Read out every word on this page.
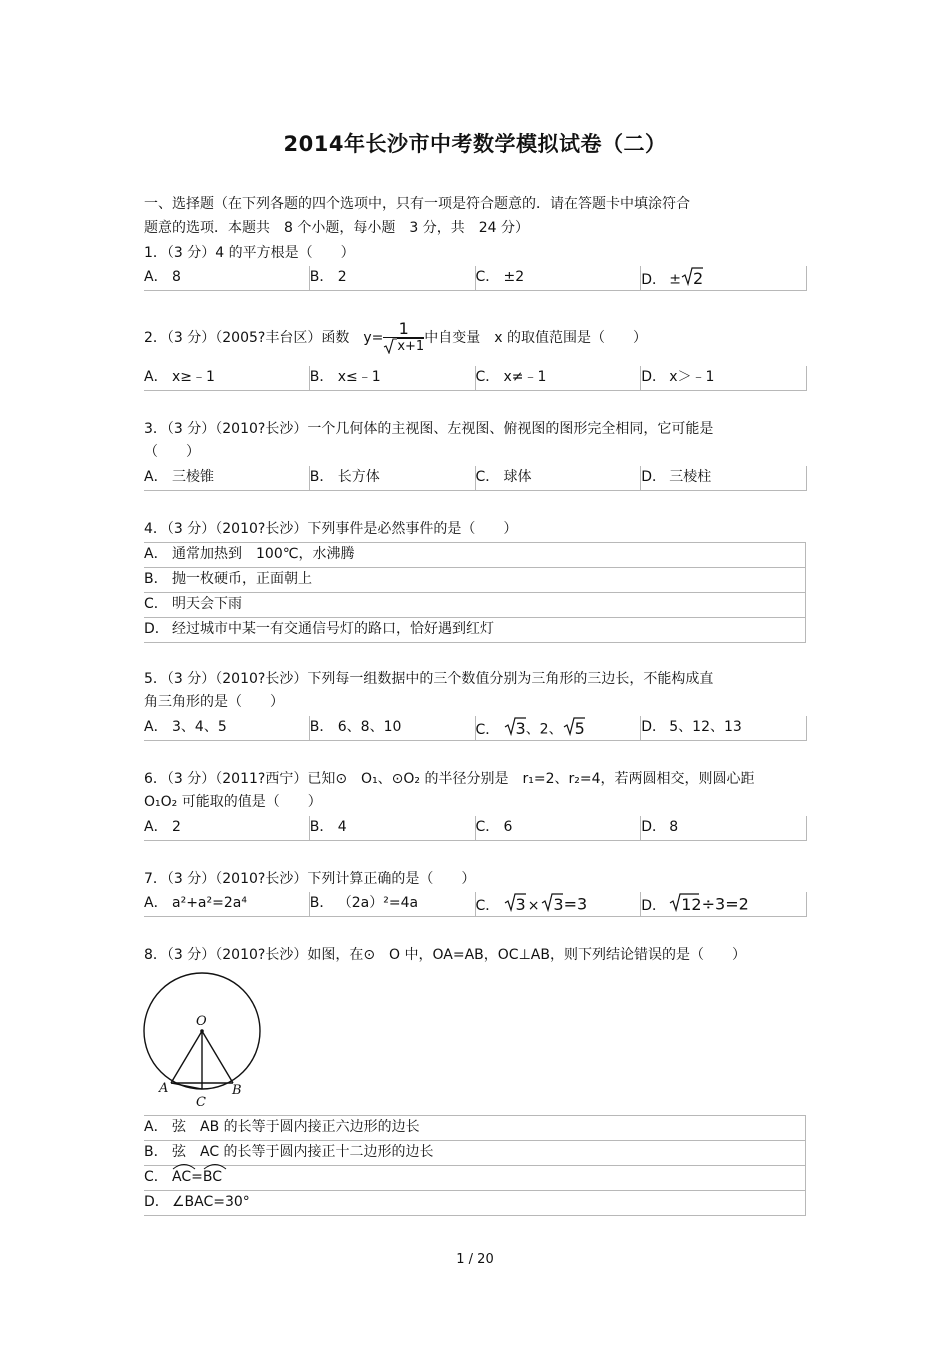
2014年长沙市中考数学模拟试卷（二）
一、选择题（在下列各题的四个选项中，只有一项是符合题意的．请在答题卡中填涂符合
题意的选项．本题共　8 个小题，每小题　3 分，共　24 分）
1．（3 分）4 的平方根是（　　）
A． 8	B． 2	C． ±2	D． ± 2
2．（3 分）（2005?丰台区）函数　$y= \frac{1}{x+1}$ 中自变量　x 的取值范围是（　　）
A． x≥﹣1	B． x≤﹣1	C． x≠﹣1	D． x＞﹣1
3．（3 分）（2010?长沙）一个几何体的主视图、左视图、俯视图的图形完全相同，它可能是
（　　）
A． 三棱锥	B． 长方体	C． 球体	D． 三棱柱
4．（3 分）（2010?长沙）下列事件是必然事件的是（　　）
A． 通常加热到　100℃，水沸腾
B． 抛一枚硬币，正面朝上
C． 明天会下雨
D． 经过城市中某一有交通信号灯的路口，恰好遇到红灯
5．（3 分）（2010?长沙）下列每一组数据中的三个数值分别为三角形的三边长，不能构成直
角三角形的是（　　）
A． 3、4、5	B． 6、8、10	C． 3、2、 5	D． 5、12、13
6．（3 分）（2011?西宁）已知⊙　O₁、⊙O₂ 的半径分别是　r₁=2、r₂=4，若两圆相交，则圆心距
O₁O₂ 可能取的值是（　　）
A． 2	B． 4	C． 6	D． 8
7．（3 分）（2010?长沙）下列计算正确的是（　　）
A． a²+a²=2a⁴	B． （2a）²=4a	C． 3 × 3=3	D． 12÷3=2
8．（3 分）（2010?长沙）如图，在⊙　O 中，OA=AB，OC⊥AB，则下列结论错误的是（　　）
O
A	B
C
A． 弦　AB 的长等于圆内接正六边形的边长
B． 弦　AC 的长等于圆内接正十二边形的边长
C． AC=
BC
D． ∠BAC=30°
1 / 20
